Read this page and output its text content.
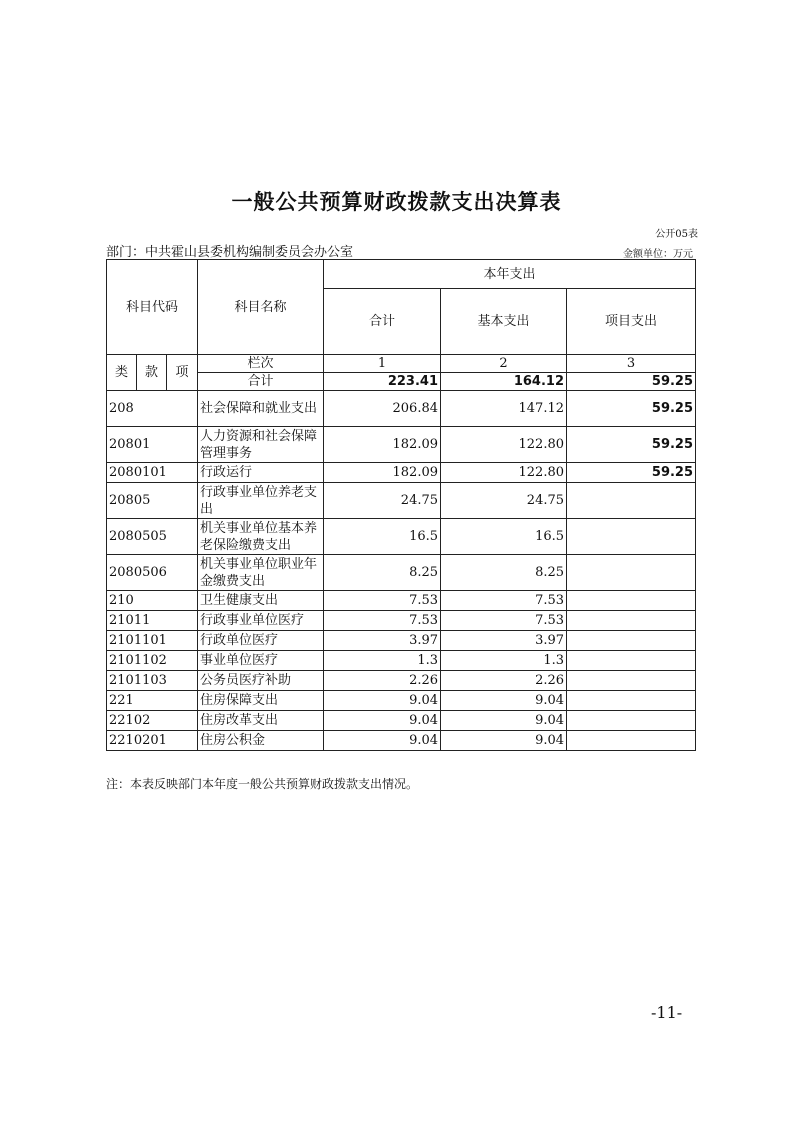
一般公共预算财政拨款支出决算表
公开05表
部门：中共霍山县委机构编制委员会办公室	金额单位：万元
科目代码			科目名称	本年支出		
				合计	基本支出	项目支出
类	款	项	栏次	1	2	3
			合计	223.41	164.12	59.25
208			社会保障和就业支出	206.84	147.12	59.25
20801			人力资源和社会保障管理事务	182.09	122.80	59.25
2080101			行政运行	182.09	122.80	59.25
20805			行政事业单位养老支出	24.75	24.75	
2080505			机关事业单位基本养老保险缴费支出	16.5	16.5	
2080506			机关事业单位职业年金缴费支出	8.25	8.25	
210			卫生健康支出	7.53	7.53	
21011			行政事业单位医疗	7.53	7.53	
2101101			行政单位医疗	3.97	3.97	
2101102			事业单位医疗	1.3	1.3	
2101103			公务员医疗补助	2.26	2.26	
221			住房保障支出	9.04	9.04	
22102			住房改革支出	9.04	9.04	
2210201			住房公积金	9.04	9.04	
注：本表反映部门本年度一般公共预算财政拨款支出情况。
-11-
